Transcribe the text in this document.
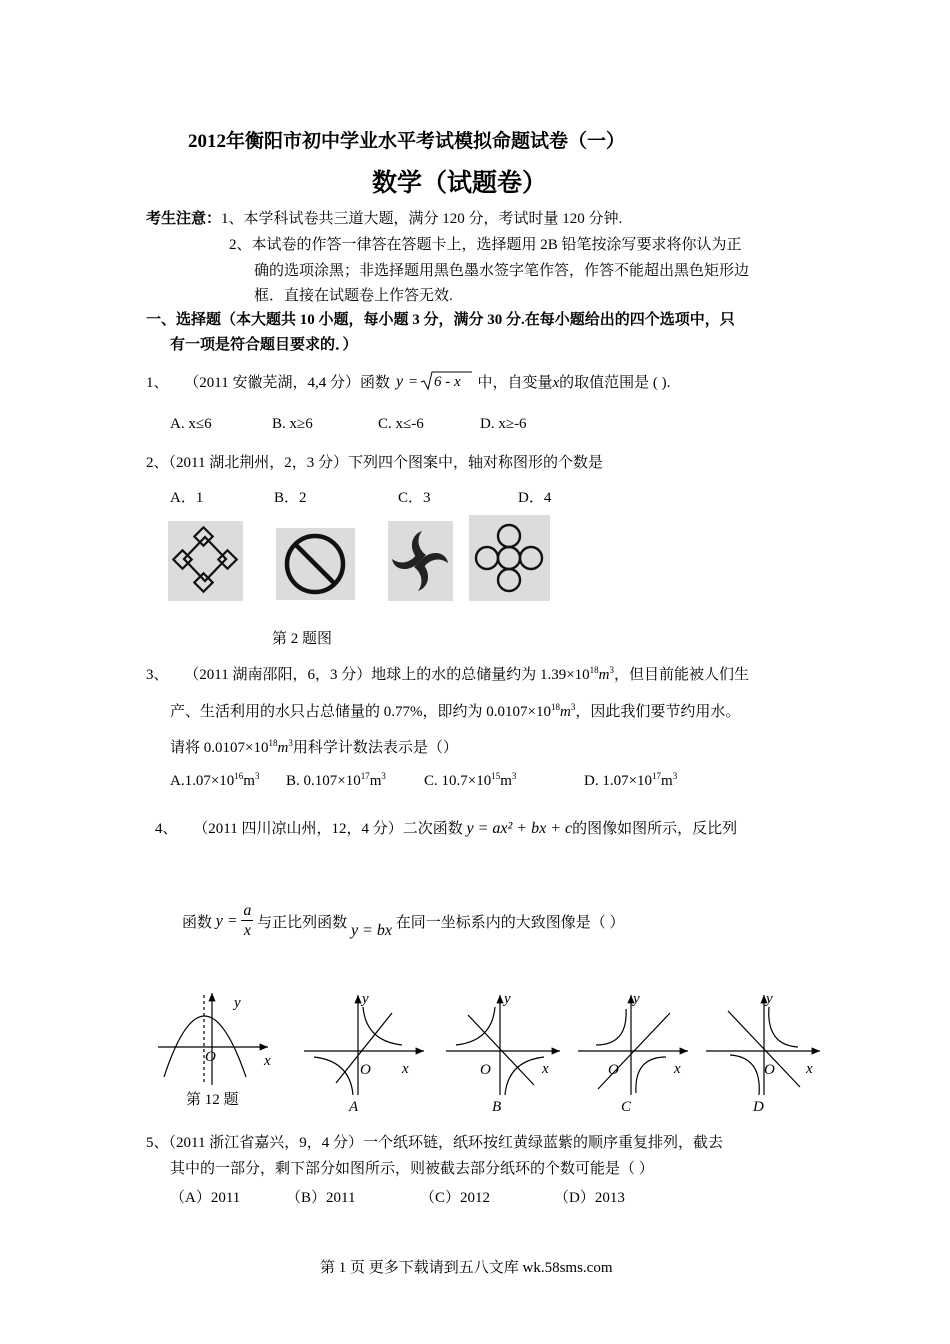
2012年衡阳市初中学业水平考试模拟命题试卷（一）
数学（试题卷）
考生注意：1、本学科试卷共三道大题，满分 120 分，考试时量 120 分钟.
2、本试卷的作答一律答在答题卡上，选择题用 2B 铅笔按涂写要求将你认为正
确的选项涂黑；非选择题用黑色墨水签字笔作答，作答不能超出黑色矩形边
框．直接在试题卷上作答无效.
一、选择题（本大题共 10 小题，每小题 3 分，满分 30 分.在每小题给出的四个选项中，只
有一项是符合题目要求的．）
1、 （2011 安徽芜湖，4,4 分）函数 y = 6 - x 中，自变量x的取值范围是 ( ).
A. x≤6	B. x≥6	C. x≤-6	D. x≥-6
2、（2011 湖北荆州，2，3 分）下列四个图案中，轴对称图形的个数是
A．1	B．2	C．3	D．4
第 2 题图
3、 （2011 湖南邵阳，6，3 分）地球上的水的总储量约为 $1.39\times 10^{18}m^3$，但目前能被人们生
产、生活利用的水只占总储量的 0.77%，即约为 $0.0107\times 10^{18}m^3$，因此我们要节约用水。
请将 $0.0107\times 10^{18}m^3$用科学计数法表示是（）
$A.1.07\times 10^{16}m^3$ B. $0.107\times 10^{17}m^3$	C. $10.7\times 10^{15}m^3$	D. $1.07\times 10^{17}m^3$
4、 （2011 四川凉山州，12，4 分）二次函数 y = ax² + bx + c的图像如图所示，反比列
函数 $y = \frac{a}{x}$ 与正比列函数 y = bx 在同一坐标系内的大致图像是（ ）
y
x
O
y
x
O
y
x
O
y
x
O
y
x
O
A	B	C	D
第 12 题
5、（2011 浙江省嘉兴，9，4 分）一个纸环链，纸环按红黄绿蓝紫的顺序重复排列，截去
其中的一部分，剩下部分如图所示，则被截去部分纸环的个数可能是（ ）
（A）2011	（B）2011	（C）2012	（D）2013
第 1 页 更多下载请到五八文库 wk.58sms.com
